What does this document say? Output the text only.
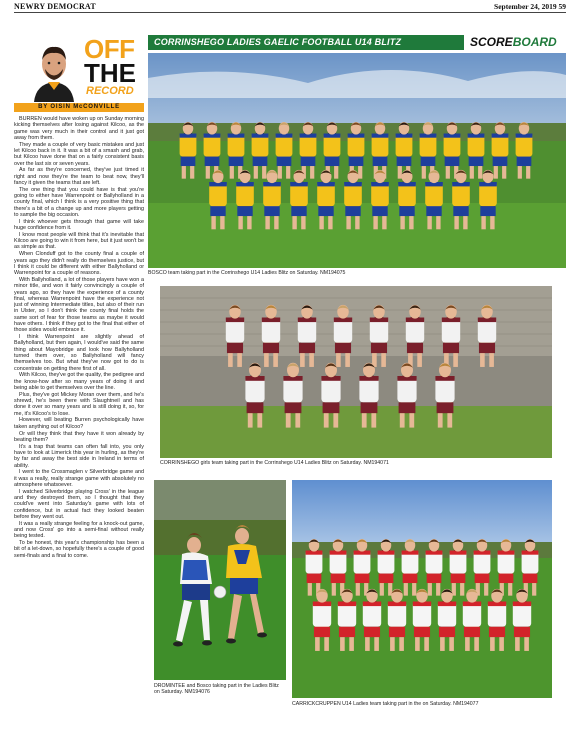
NEWRY DEMOCRAT	September 24, 2019 59
CORRINSHEGO LADIES GAELIC FOOTBALL U14 BLITZ	SCOREBOARD
OFF
THE
RECORD
BY OISIN McCONVILLE

BURREN would have woken up on Sunday morning kicking themselves after losing against Kilcoo, as the game was very much in their control and it just got away from them.

They made a couple of very basic mistakes and just let Kilcoo back in it. It was a bit of a smash and grab, but Kilcoo have done that on a fairly consistent basis over the last six or seven years.

As far as they're concerned, they've just timed it right and now they're the team to beat now, they'll fancy it given the teams that are left.

The one thing that you could have is that you're going to either have Warrenpoint or Ballyholland in a county final, which I think is a very positive thing that there's a bit of a change up and more players getting to sample the big occasion.

I think whoever gets through that game will take huge confidence from it.

I know most people will think that it's inevitable that Kilcoo are going to win it from here, but it just won't be as simple as that.

When Clonduff got to the county final a couple of years ago they didn't really do themselves justice, but I think it could be different with either Ballyholland or Warrenpoint for a couple of reasons.

With Ballyholland, a lot of those players have won a minor title, and won it fairly convincingly a couple of years ago, so they have the experience of a county final, whereas Warrenpoint have the experience not just of winning Intermediate titles, but also of their run in Ulster, so I don't think the county final holds the same sort of fear for those teams as maybe it would have others. I think if they got to the final that either of those sides would embrace it.

I think Warrenpoint are slightly ahead of Ballyholland, but then again, I would've said the same thing about Mayobridge and look how Ballyholland turned them over, so Ballyholland will fancy themselves too. But what they've now got to do is concentrate on getting there first of all.

With Kilcoo, they've got the quality, the pedigree and the know-how after so many years of doing it and being able to get themselves over the line.

Plus, they've got Mickey Moran over them, and he's shrewd, he's been there with Slaughtneil and has done it over so many years and is still doing it, so, for me, it's Kilcoo's to lose.

However, will beating Burren psychologically have taken anything out of Kilcoo?

Or will they think that they have it won already by beating them?

It's a trap that teams can often fall into, you only have to look at Limerick this year in hurling, as they're by far and away the best side in Ireland in terms of ability.

I went to the Crossmaglen v Silverbridge game and it was a really, really strange game with absolutely no atmosphere whatsoever.

I watched Silverbridge playing Cross' in the league and they destroyed them, so I thought that they could've went into Saturday's game with lots of confidence, but in actual fact they looked beaten before they went out.

It was a really strange feeling for a knock-out game, and now Cross' go into a semi-final without really being tested.

To be honest, this year's championship has been a bit of a let-down, so hopefully there's a couple of good semi-finals and a final to come.

BOSCO team taking part in the Corrinshego U14 Ladies Blitz on Saturday. NM194075
CORRINSHEGO girls team taking part in the Corrinshego U14 Ladies Blitz on Saturday. NM194071
DROMINTEE and Bosco taking part in the Ladies Blitz on Saturday. NM194076
CARRICKCRUPPEN U14 Ladies team taking part in the on Saturday. NM194077
